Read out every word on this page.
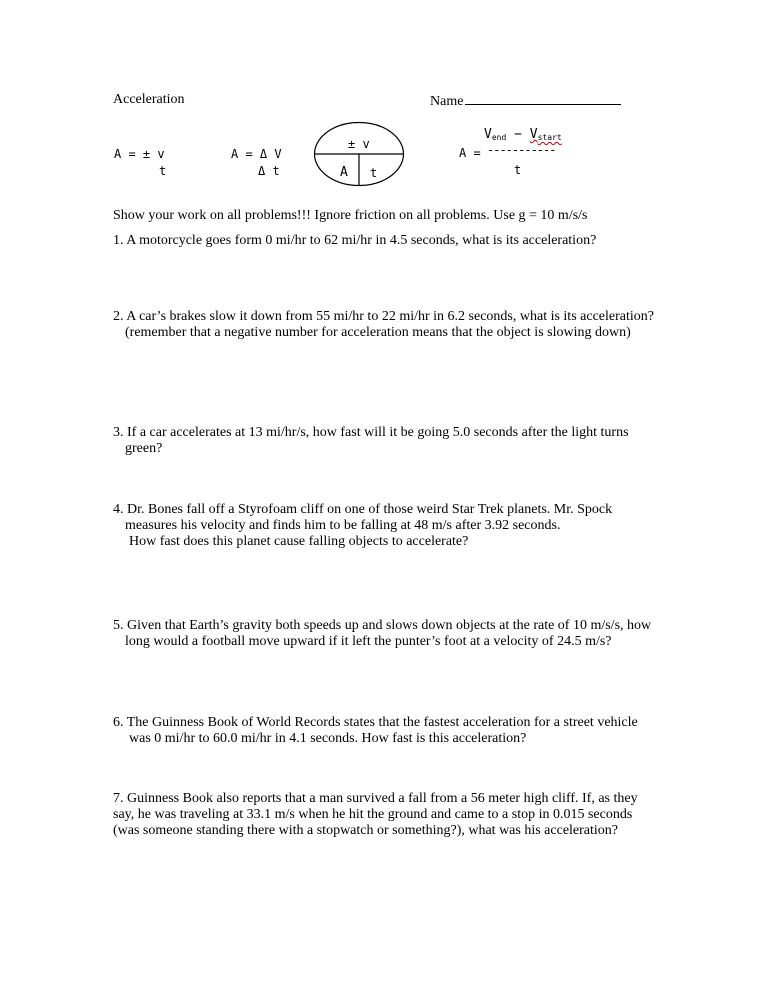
Acceleration	Name
A = ± v
t
A = Δ V
Δ t
± v
A t
$V_{end} - V_{start}$
A = -----------
t
Show your work on all problems!!! Ignore friction on all problems. Use g = 10 m/s/s
1. A motorcycle goes form 0 mi/hr to 62 mi/hr in 4.5 seconds, what is its acceleration?
2. A car’s brakes slow it down from 55 mi/hr to 22 mi/hr in 6.2 seconds, what is its acceleration?
(remember that a negative number for acceleration means that the object is slowing down)
3. If a car accelerates at 13 mi/hr/s, how fast will it be going 5.0 seconds after the light turns
green?
4. Dr. Bones fall off a Styrofoam cliff on one of those weird Star Trek planets. Mr. Spock
measures his velocity and finds him to be falling at 48 m/s after 3.92 seconds.
How fast does this planet cause falling objects to accelerate?
5. Given that Earth’s gravity both speeds up and slows down objects at the rate of 10 m/s/s, how
long would a football move upward if it left the punter’s foot at a velocity of 24.5 m/s?
6. The Guinness Book of World Records states that the fastest acceleration for a street vehicle
was 0 mi/hr to 60.0 mi/hr in 4.1 seconds. How fast is this acceleration?
7. Guinness Book also reports that a man survived a fall from a 56 meter high cliff. If, as they
say, he was traveling at 33.1 m/s when he hit the ground and came to a stop in 0.015 seconds
(was someone standing there with a stopwatch or something?), what was his acceleration?
